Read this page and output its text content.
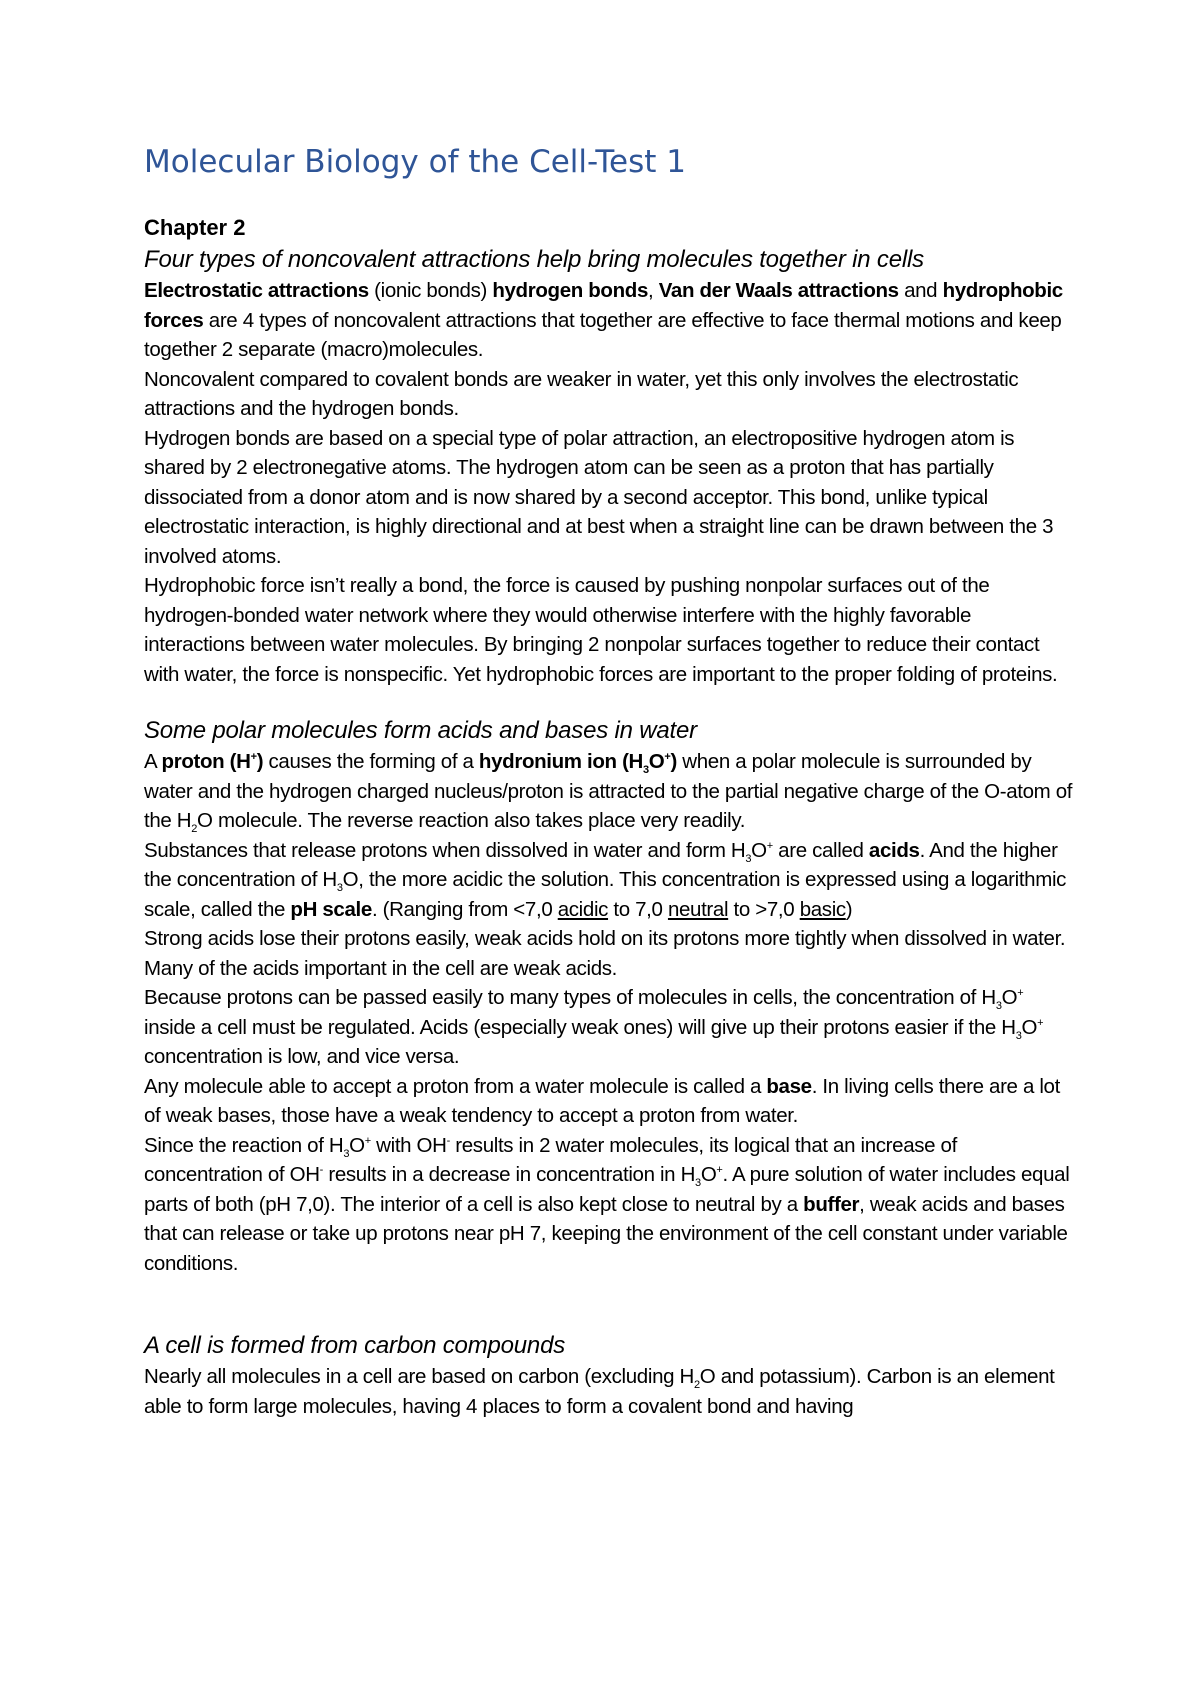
Molecular Biology of the Cell-Test 1
Chapter 2
Four types of noncovalent attractions help bring molecules together in cells

Electrostatic attractions (ionic bonds) hydrogen bonds, Van der Waals attractions and hydrophobic forces are 4 types of noncovalent attractions that together are effective to face thermal motions and keep together 2 separate (macro)molecules.

Noncovalent compared to covalent bonds are weaker in water, yet this only involves the electrostatic attractions and the hydrogen bonds.

Hydrogen bonds are based on a special type of polar attraction, an electropositive hydrogen atom is shared by 2 electronegative atoms. The hydrogen atom can be seen as a proton that has partially dissociated from a donor atom and is now shared by a second acceptor. This bond, unlike typical electrostatic interaction, is highly directional and at best when a straight line can be drawn between the 3 involved atoms.

Hydrophobic force isn’t really a bond, the force is caused by pushing nonpolar surfaces out of the hydrogen-bonded water network where they would otherwise interfere with the highly favorable interactions between water molecules. By bringing 2 nonpolar surfaces together to reduce their contact with water, the force is nonspecific. Yet hydrophobic forces are important to the proper folding of proteins.

Some polar molecules form acids and bases in water

A proton (H+) causes the forming of a hydronium ion $(H_3O^+)$ when a polar molecule is surrounded by water and the hydrogen charged nucleus/proton is attracted to the partial negative charge of the O-atom of the $H_2O$ molecule. The reverse reaction also takes place very readily.

Substances that release protons when dissolved in water and form $H_3O^+$ are called acids. And the higher the concentration of $H_3O$, the more acidic the solution. This concentration is expressed using a logarithmic scale, called the pH scale. (Ranging from <7,0 acidic to 7,0 neutral to >7,0 basic)

Strong acids lose their protons easily, weak acids hold on its protons more tightly when dissolved in water. Many of the acids important in the cell are weak acids.

Because protons can be passed easily to many types of molecules in cells, the concentration of $H_3O^+$ inside a cell must be regulated. Acids (especially weak ones) will give up their protons easier if the $H_3O^+$ concentration is low, and vice versa.

Any molecule able to accept a proton from a water molecule is called a base. In living cells there are a lot of weak bases, those have a weak tendency to accept a proton from water.

Since the reaction of $H_3O^+$ with OH- results in 2 water molecules, its logical that an increase of concentration of OH- results in a decrease in concentration in $H_3O^+$. A pure solution of water includes equal parts of both (pH 7,0). The interior of a cell is also kept close to neutral by a buffer, weak acids and bases that can release or take up protons near pH 7, keeping the environment of the cell constant under variable conditions.

A cell is formed from carbon compounds

Nearly all molecules in a cell are based on carbon (excluding $H_2O$ and potassium). Carbon is an element able to form large molecules, having 4 places to form a covalent bond and having
